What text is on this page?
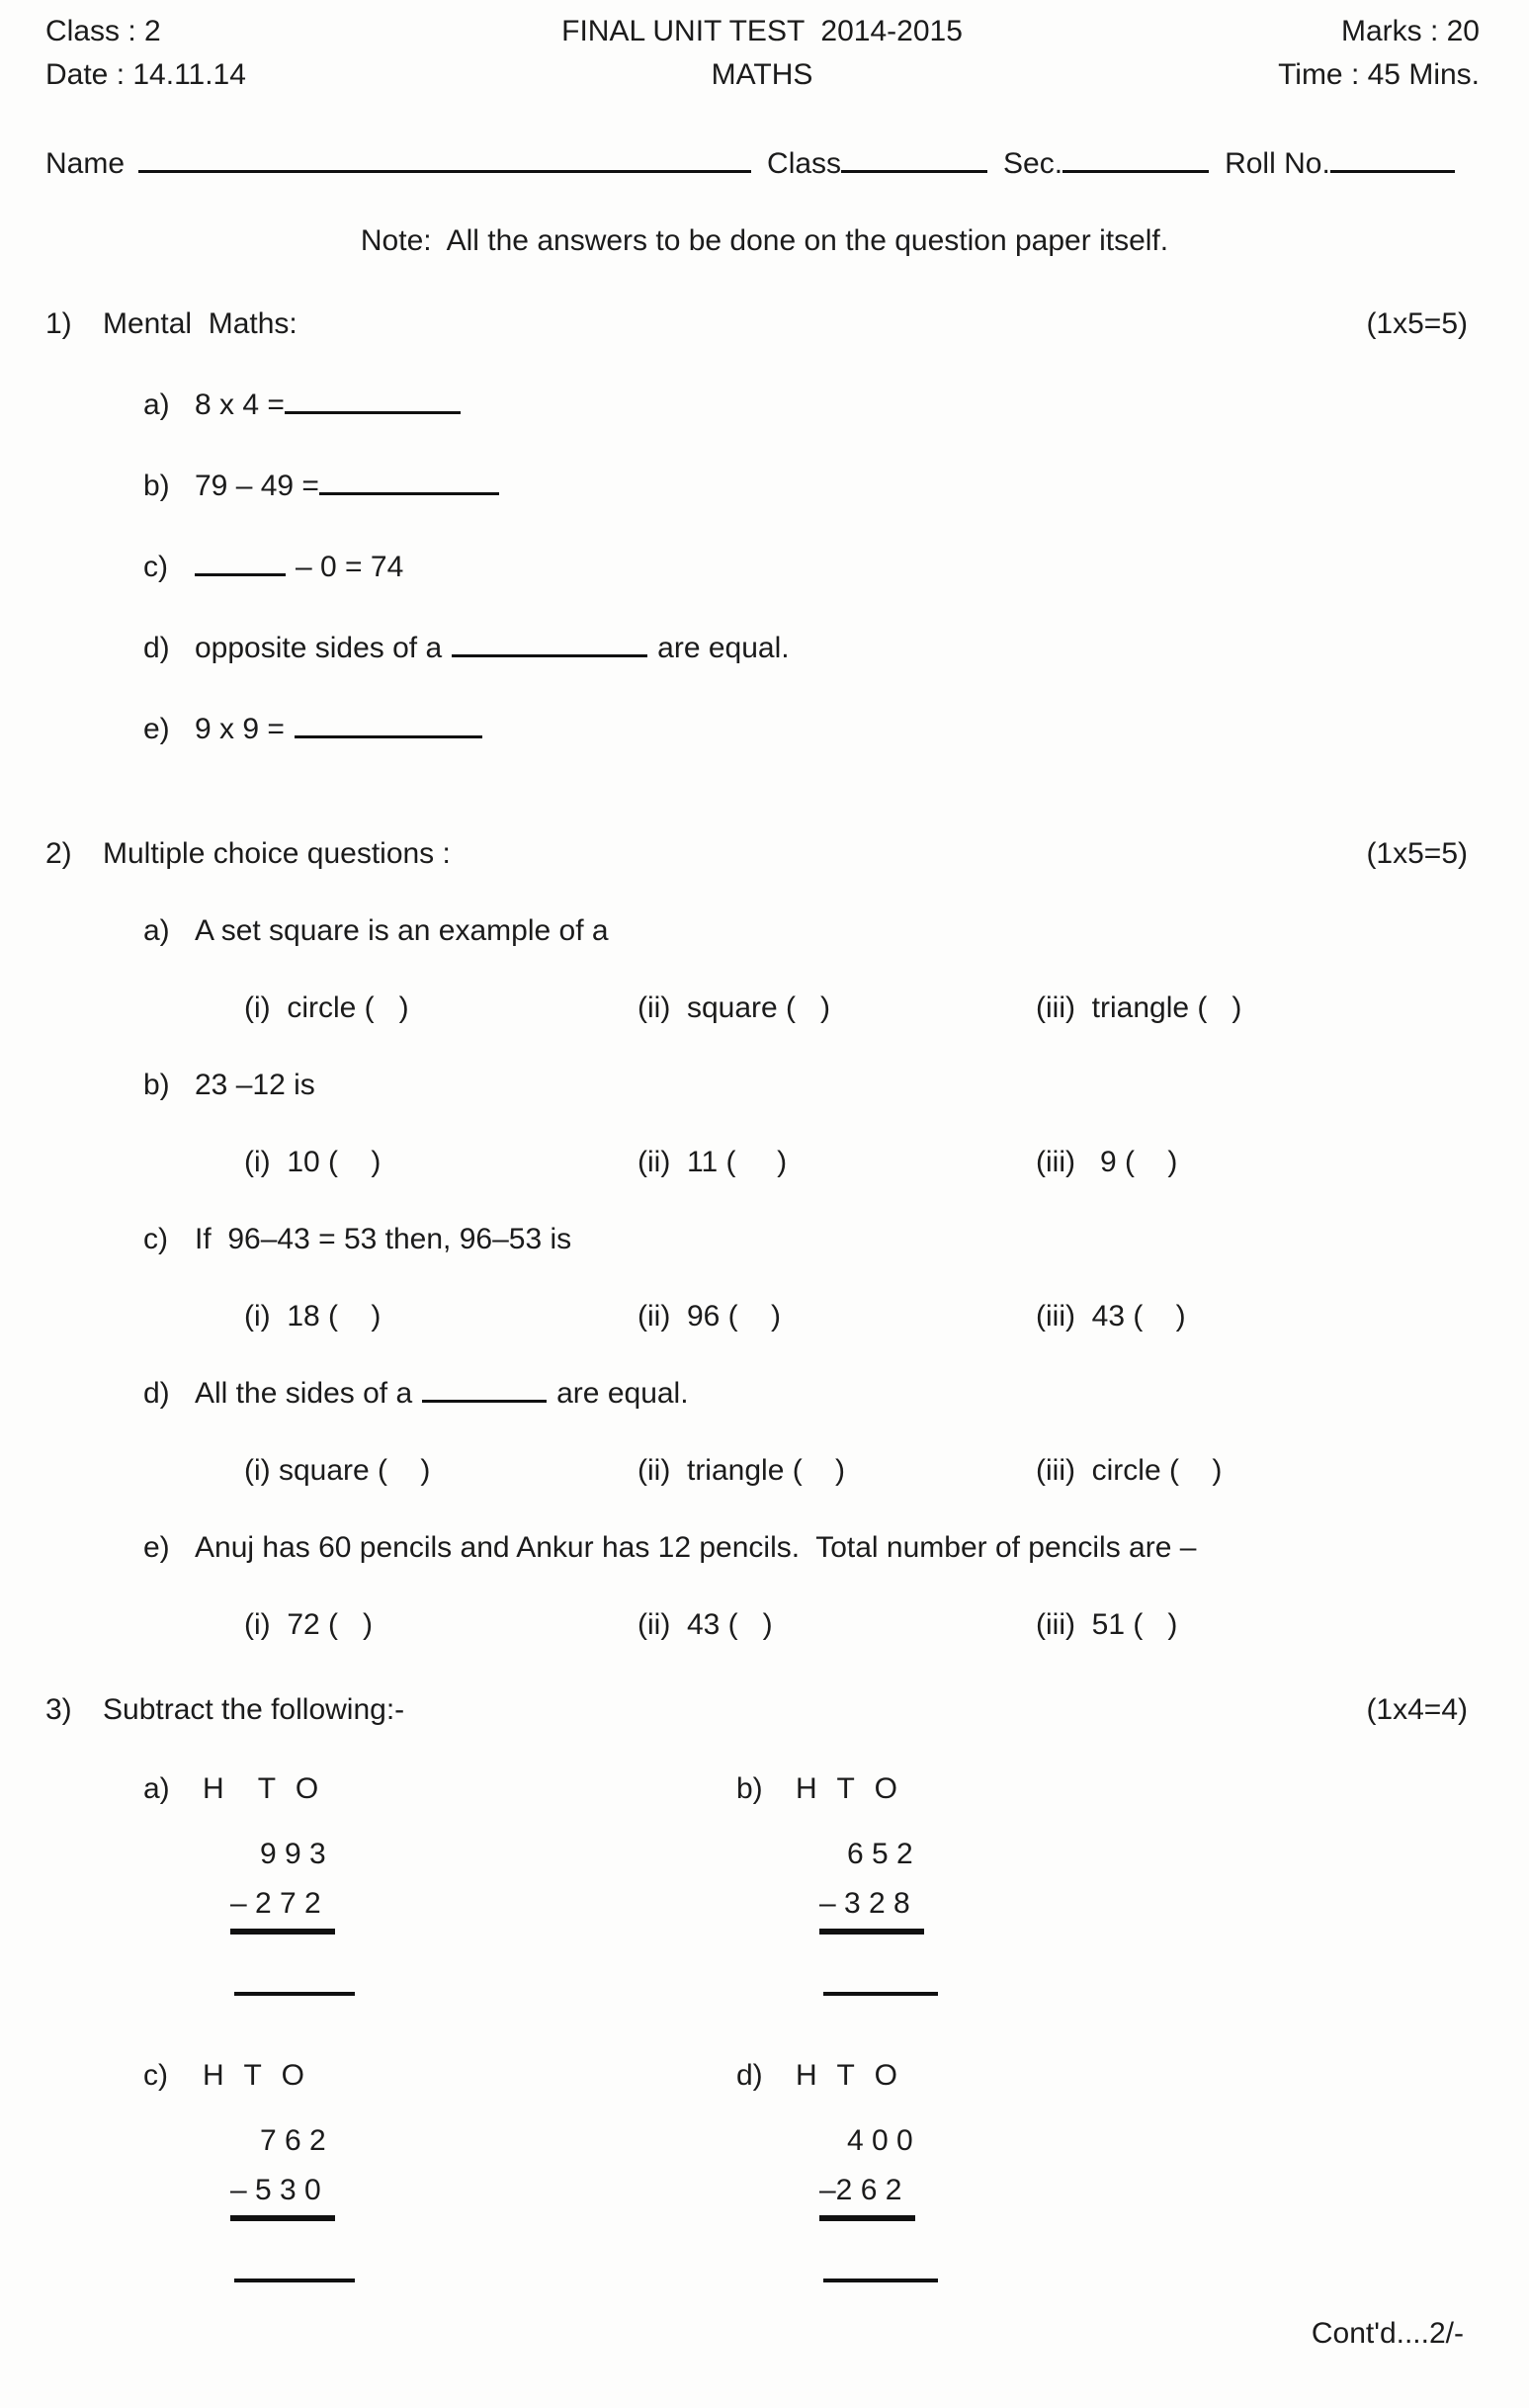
Class : 2
Date : 14.11.14
FINAL UNIT TEST  2014-2015
MATHS
Marks : 20
Time : 45 Mins.
Name	Class	Sec.	Roll No.
Note:  All the answers to be done on the question paper itself.
1)	Mental  Maths:	(1x5=5)
a) 8 x 4 =
b) 79 – 49 =
c)	– 0 = 74
d) opposite sides of a	are equal.
e) 9 x 9 =
2)	Multiple choice questions :	(1x5=5)
a) A set square is an example of a
(i)  circle (   )	(ii)  square (   )	(iii)  triangle (   )
b) 23 –12 is
(i)  10 (    )	(ii)  11 (     )	(iii)   9 (    )
c) If  96–43 = 53 then, 96–53 is
(i)  18 (    )	(ii)  96 (    )	(iii)  43 (    )
d) All the sides of a	are equal.
(i) square (    )	(ii)  triangle (    )	(iii)  circle (    )
e) Anuj has 60 pencils and Ankur has 12 pencils.  Total number of pencils are –
(i)  72 (   )	(ii)  43 (   )	(iii)  51 (   )
3)	Subtract the following:-	(1x4=4)
a)	H  T O
9 9 3
– 2 7 2
b)	H T O
6 5 2
– 3 2 8
c)	H T O
7 6 2
– 5 3 0
d)	H T O
4 0 0
–2 6 2
Cont'd....2/-
